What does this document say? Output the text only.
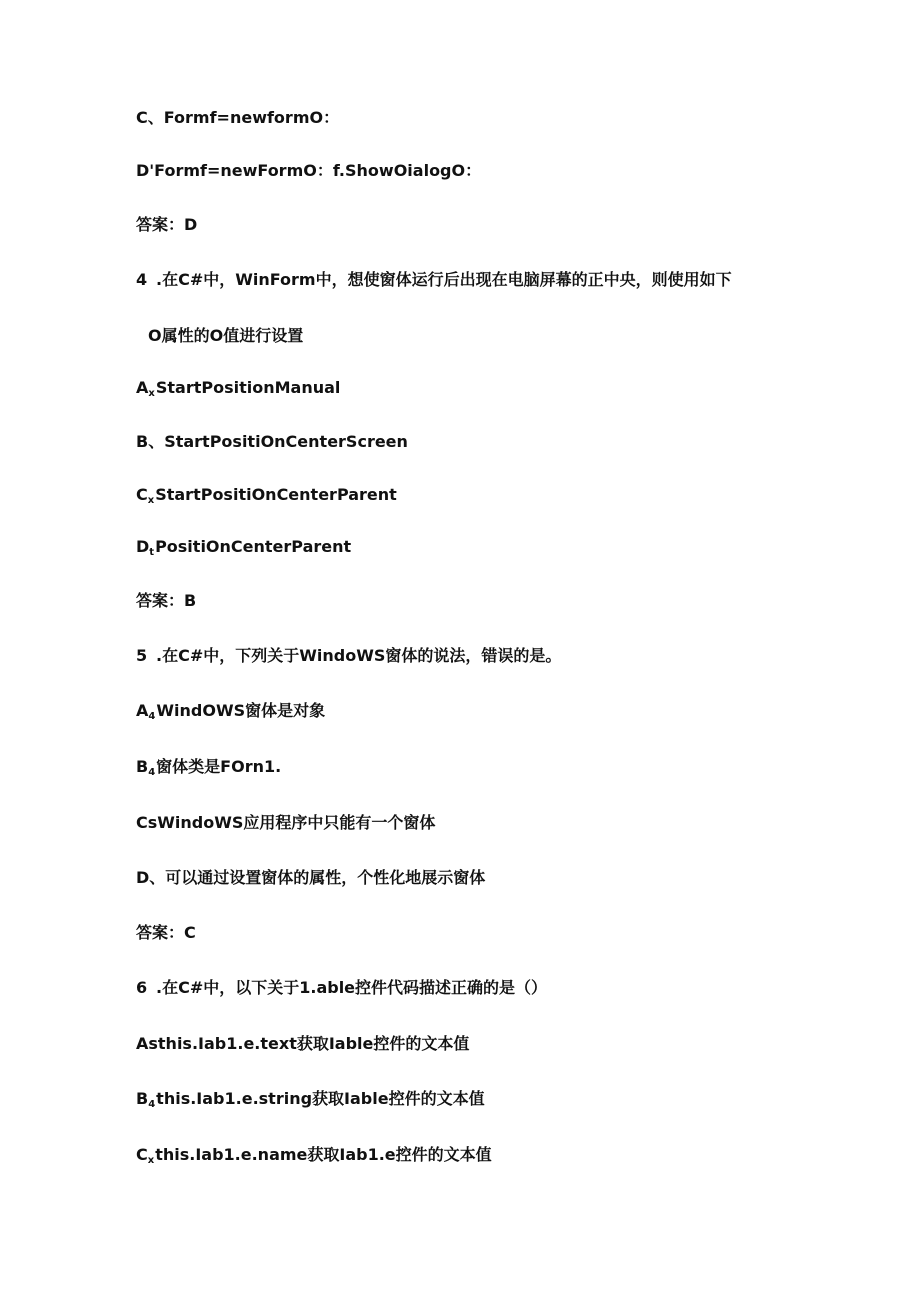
C、Formf=newformO：
D'Formf=newFormO：f.ShowOialogO：
答案：D
4 .在C#中，WinForm中，想使窗体运行后出现在电脑屏幕的正中央，则使用如下
O属性的O值进行设置
$A_xStartPositionManual$
B、StartPositiOnCenterScreen
$C_xStartPositiOnCenterParent$
$D_tPositiOnCenterParent$
答案：B
5 .在C#中，下列关于WindoWS窗体的说法，错误的是。
$A_4WindOWS$窗体是对象
$B_4$窗体类是FOrn1.
CsWindoWS应用程序中只能有一个窗体
D、可以通过设置窗体的属性，个性化地展示窗体
答案：C
6 .在C#中，以下关于1.able控件代码描述正确的是（）
Asthis.Iab1.e.text获取Iable控件的文本值
$B_4this.Iab1.e.string$获取Iable控件的文本值
$C_xthis.Iab1.e.name$获取Iab1.e控件的文本值
